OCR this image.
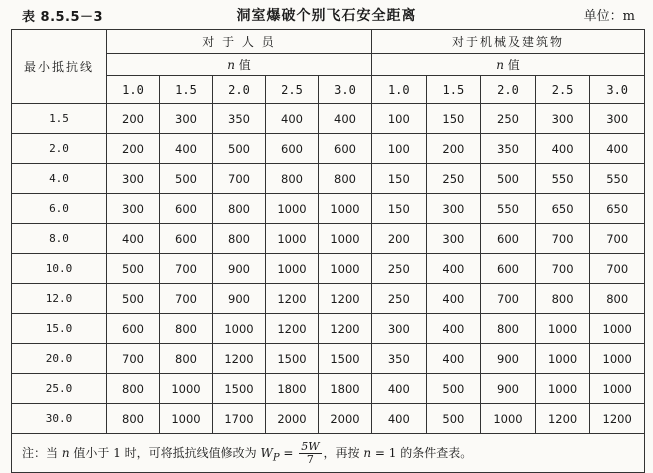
表 8.5.5－3	洞室爆破个别飞石安全距离	单位：m
最小抵抗线	对 于 人 员					对于机械及建筑物				
	n 值					n 值				
	1.0	1.5	2.0	2.5	3.0	1.0	1.5	2.0	2.5	3.0
1.5	200	300	350	400	400	100	150	250	300	300
2.0	200	400	500	600	600	100	200	350	400	400
4.0	300	500	700	800	800	150	250	500	550	550
6.0	300	600	800	1000	1000	150	300	550	650	650
8.0	400	600	800	1000	1000	200	300	600	700	700
10.0	500	700	900	1000	1000	250	400	600	700	700
12.0	500	700	900	1200	1200	250	400	700	800	800
15.0	600	800	1000	1200	1200	300	400	800	1000	1000
20.0	700	800	1200	1500	1500	350	400	900	1000	1000
25.0	800	1000	1500	1800	1800	400	500	900	1000	1000
30.0	800	1000	1700	2000	2000	400	500	1000	1200	1200
注：当 n 值小于 1 时，可将抵抗线值修改为 $W_P = \frac{5W}{7}$ ，再按 n = 1 的条件查表。										
